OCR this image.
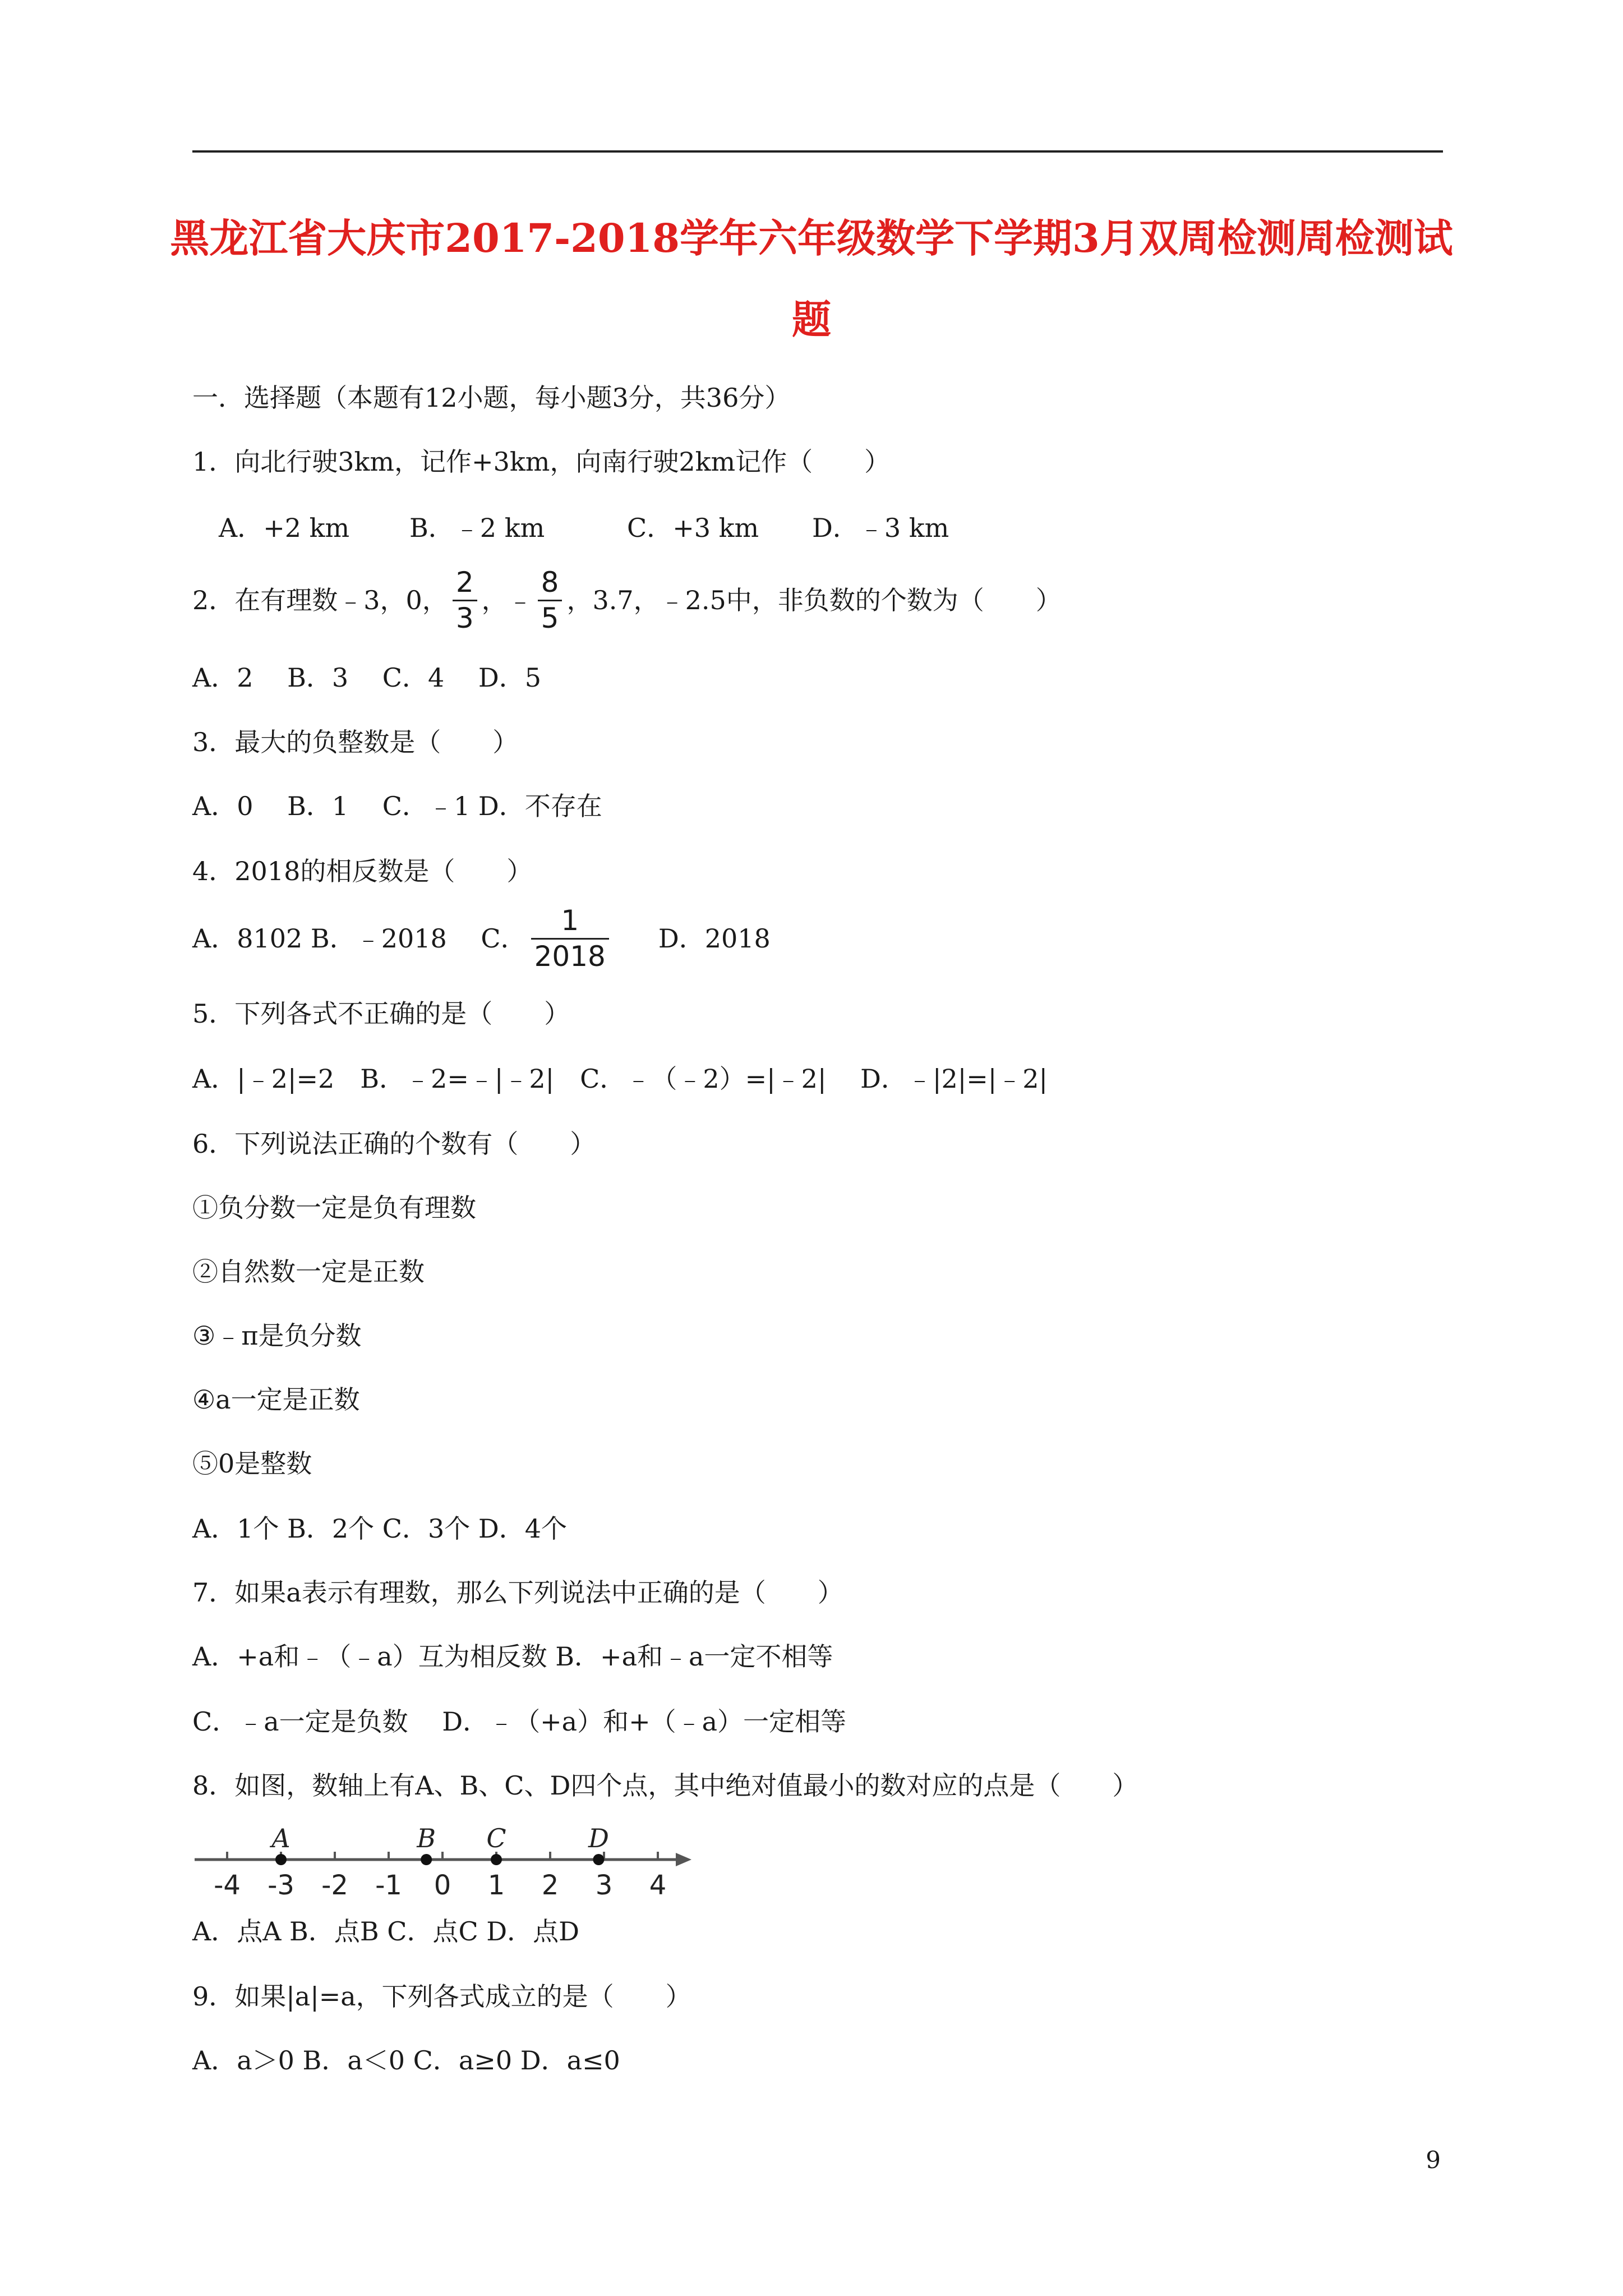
黑龙江省大庆市2017-2018学年六年级数学下学期3月双周检测周检测试
题
一．选择题（本题有12小题，每小题3分，共36分）
1．向北行驶3km，记作+3km，向南行驶2km记作（　　）
A．+2 km B．﹣2 km	C．+3 km D．﹣3 km
2．在有理数﹣3，0， $\frac{2}{3}$ ，﹣ $\frac{8}{5}$ ，3.7，﹣2.5中，非负数的个数为（　　）
A．2　 B．3　 C．4　 D．5
3．最大的负整数是（　　）
A．0　 B．1　 C．﹣1 D．不存在
4．2018的相反数是（　　）
A．8102 B．﹣2018　 C． $\frac{1}{2018}$ D．2018
5．下列各式不正确的是（　　）
A．|﹣2|=2　B．﹣2=﹣|﹣2|　C．﹣（﹣2）=|﹣2|　 D．﹣|2|=|﹣2|
6．下列说法正确的个数有（　　）
①负分数一定是负有理数
②自然数一定是正数
③﹣π是负分数
④a一定是正数
⑤0是整数
A．1个 B．2个 C．3个 D．4个
7．如果a表示有理数，那么下列说法中正确的是（　　）
A．+a和﹣（﹣a）互为相反数 B．+a和﹣a一定不相等
C．﹣a一定是负数　 D．﹣（+a）和+（﹣a）一定相等
8．如图，数轴上有A、B、C、D四个点，其中绝对值最小的数对应的点是（　　）
-4 -3 -2 -1 0 1 2 3 4
A	B C	D
A．点A B．点B C．点C D．点D
9．如果|a|=a，下列各式成立的是（　　）
A．a＞0 B．a＜0 C．a≥0 D．a≤0
9
